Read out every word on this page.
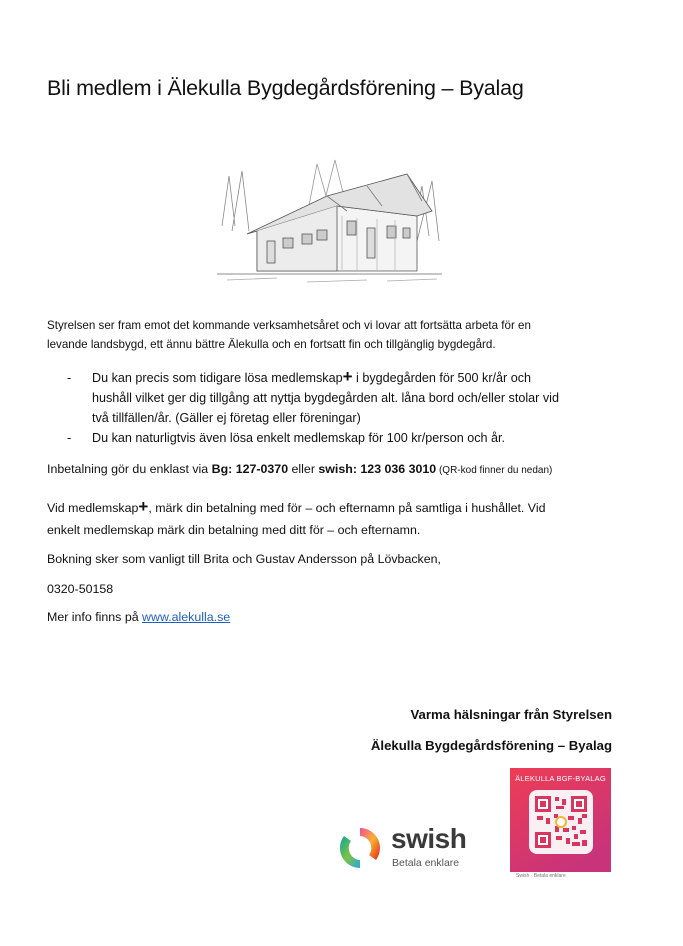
Bli medlem i Älekulla Bygdegårdsförening – Byalag

Styrelsen ser fram emot det kommande verksamhetsåret och vi lovar att fortsätta arbeta för en
levande landsbygd, ett ännu bättre Älekulla och en fortsatt fin och tillgänglig bygdegård.

- Du kan precis som tidigare lösa medlemskap+ i bygdegården för 500 kr/år och
hushåll vilket ger dig tillgång att nyttja bygdegården alt. låna bord och/eller stolar vid
två tillfällen/år. (Gäller ej företag eller föreningar)
- Du kan naturligtvis även lösa enkelt medlemskap för 100 kr/person och år.

Inbetalning gör du enklast via Bg: 127-0370 eller swish: 123 036 3010 (QR-kod finner du nedan)

Vid medlemskap+, märk din betalning med för – och efternamn på samtliga i hushållet. Vid
enkelt medlemskap märk din betalning med ditt för – och efternamn.

Bokning sker som vanligt till Brita och Gustav Andersson på Lövbacken,

0320-50158

Mer info finns på www.alekulla.se

Varma hälsningar från Styrelsen

Älekulla Bygdegårdsförening – Byalag

swish
Betala enklare
ÄLEKULLA BGF-BYALAG
Swish · Betala enklare
